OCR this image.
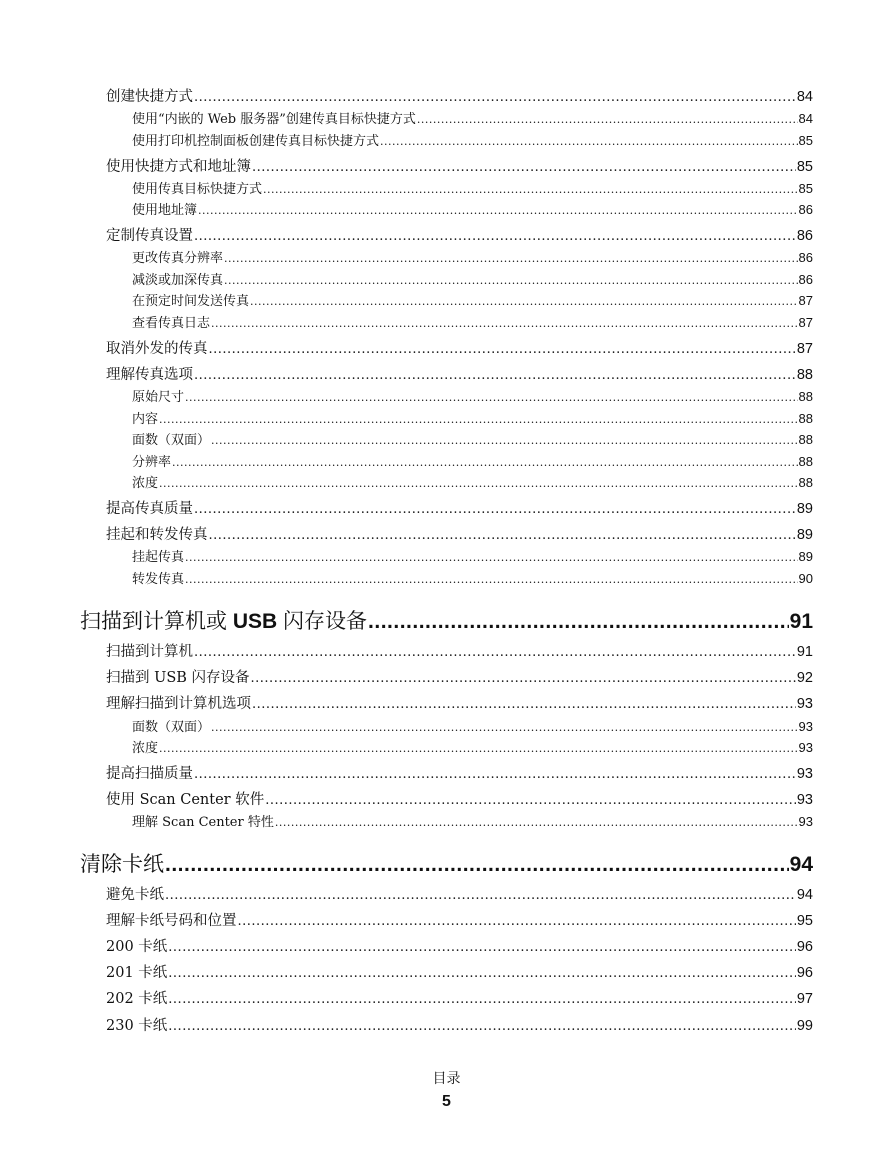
创建快捷方式 .....	84
使用“内嵌的 Web 服务器”创建传真目标快捷方式 .....	84
使用打印机控制面板创建传真目标快捷方式 .....	85
使用快捷方式和地址簿 .....	85
使用传真目标快捷方式 .....	85
使用地址簿 .....	86
定制传真设置 .....	86
更改传真分辨率 .....	86
减淡或加深传真 .....	86
在预定时间发送传真 .....	87
查看传真日志 .....	87
取消外发的传真 .....	87
理解传真选项 .....	88
原始尺寸 .....	88
内容 .....	88
面数（双面） .....	88
分辨率 .....	88
浓度 .....	88
提高传真质量 .....	89
挂起和转发传真 .....	89
挂起传真 .....	89
转发传真 .....	90
扫描到计算机或 USB 闪存设备 .....	91
扫描到计算机 .....	91
扫描到 USB 闪存设备 .....	92
理解扫描到计算机选项 .....	93
面数（双面） .....	93
浓度 .....	93
提高扫描质量 .....	93
使用 Scan Center 软件 .....	93
理解 Scan Center 特性 .....	93
清除卡纸 .....	94
避免卡纸 .....	94
理解卡纸号码和位置 .....	95
200 卡纸 .....	96
201 卡纸 .....	96
202 卡纸 .....	97
230 卡纸 .....	99
目录
5
